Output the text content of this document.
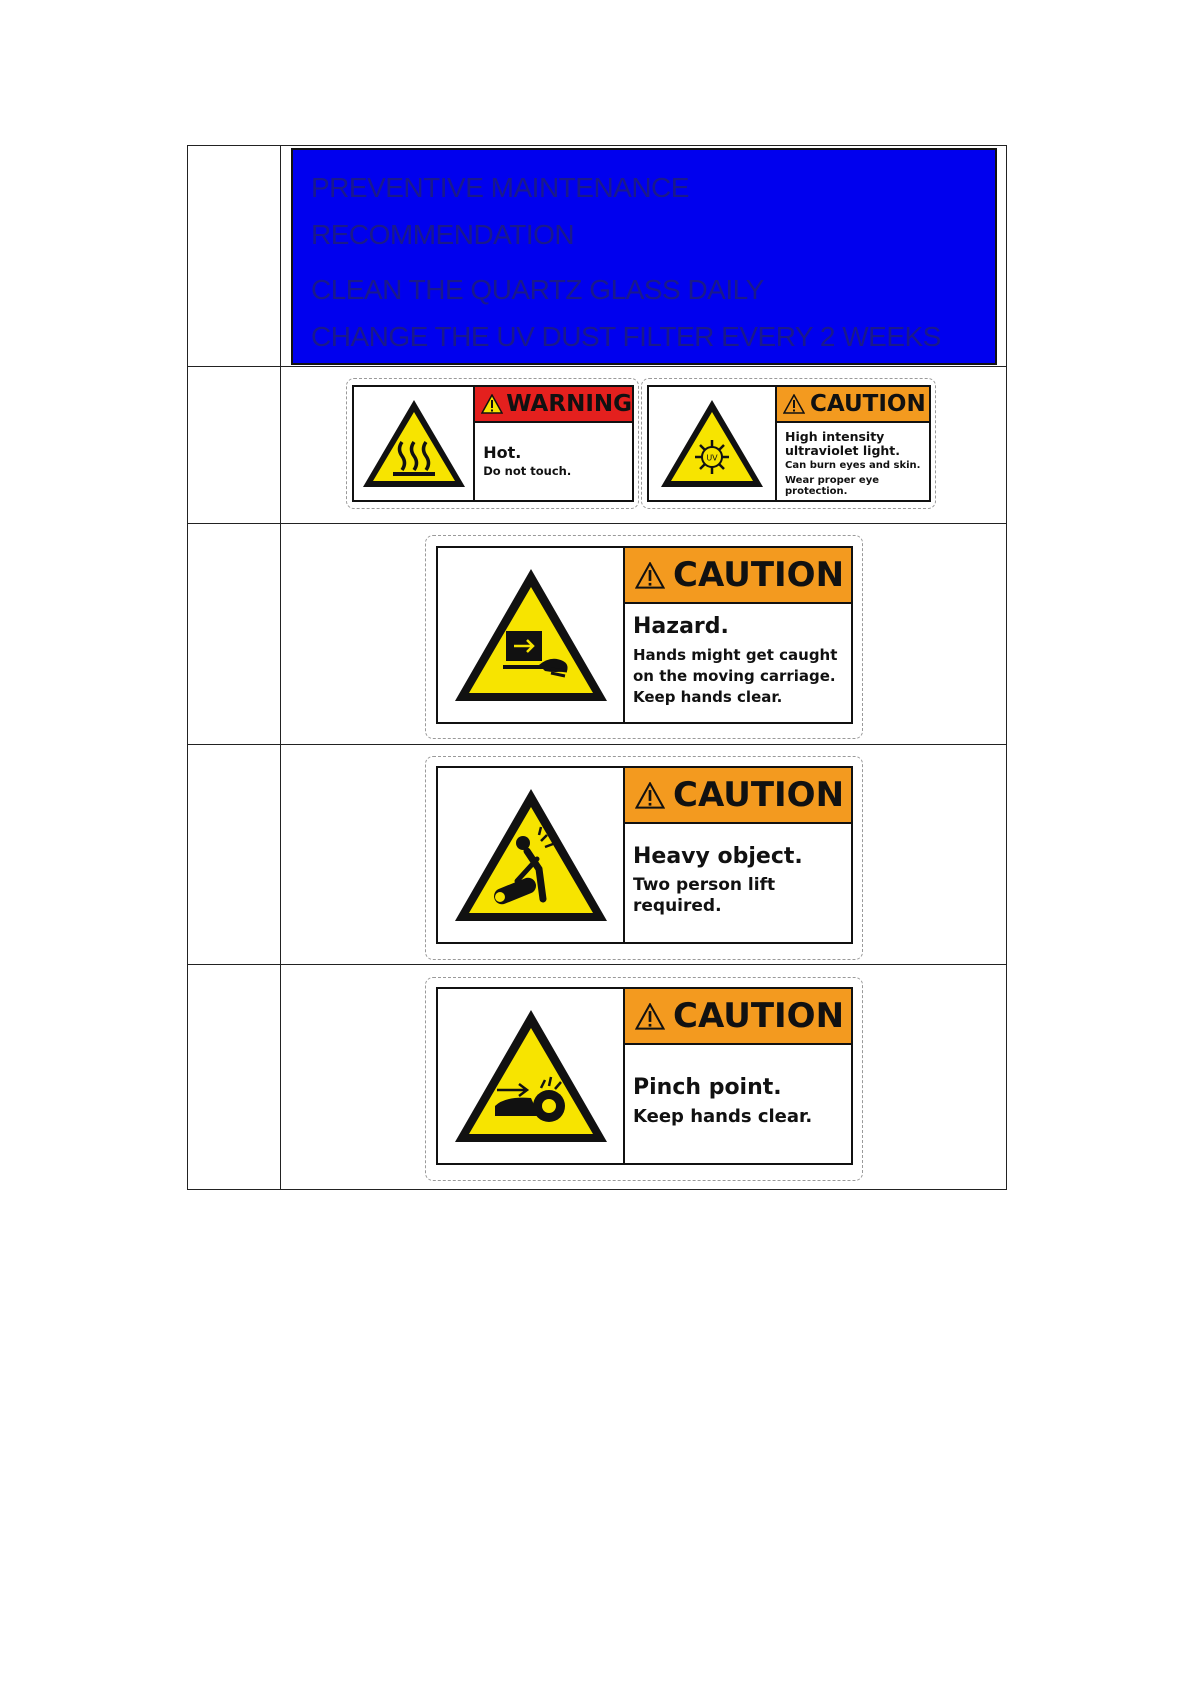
PREVENTIVE MAINTENANCE
RECOMMENDATION
CLEAN THE QUARTZ GLASS DAILY
CHANGE THE UV DUST FILTER EVERY 2 WEEKS
WARNING
Hot.
Do not touch.
UV
CAUTION
High intensity
ultraviolet light.
Can burn eyes and skin.
Wear proper eye
protection.
CAUTION
Hazard.
Hands might get caught
on the moving carriage.
Keep hands clear.
CAUTION
Heavy object.
Two person lift
required.
CAUTION
Pinch point.
Keep hands clear.
